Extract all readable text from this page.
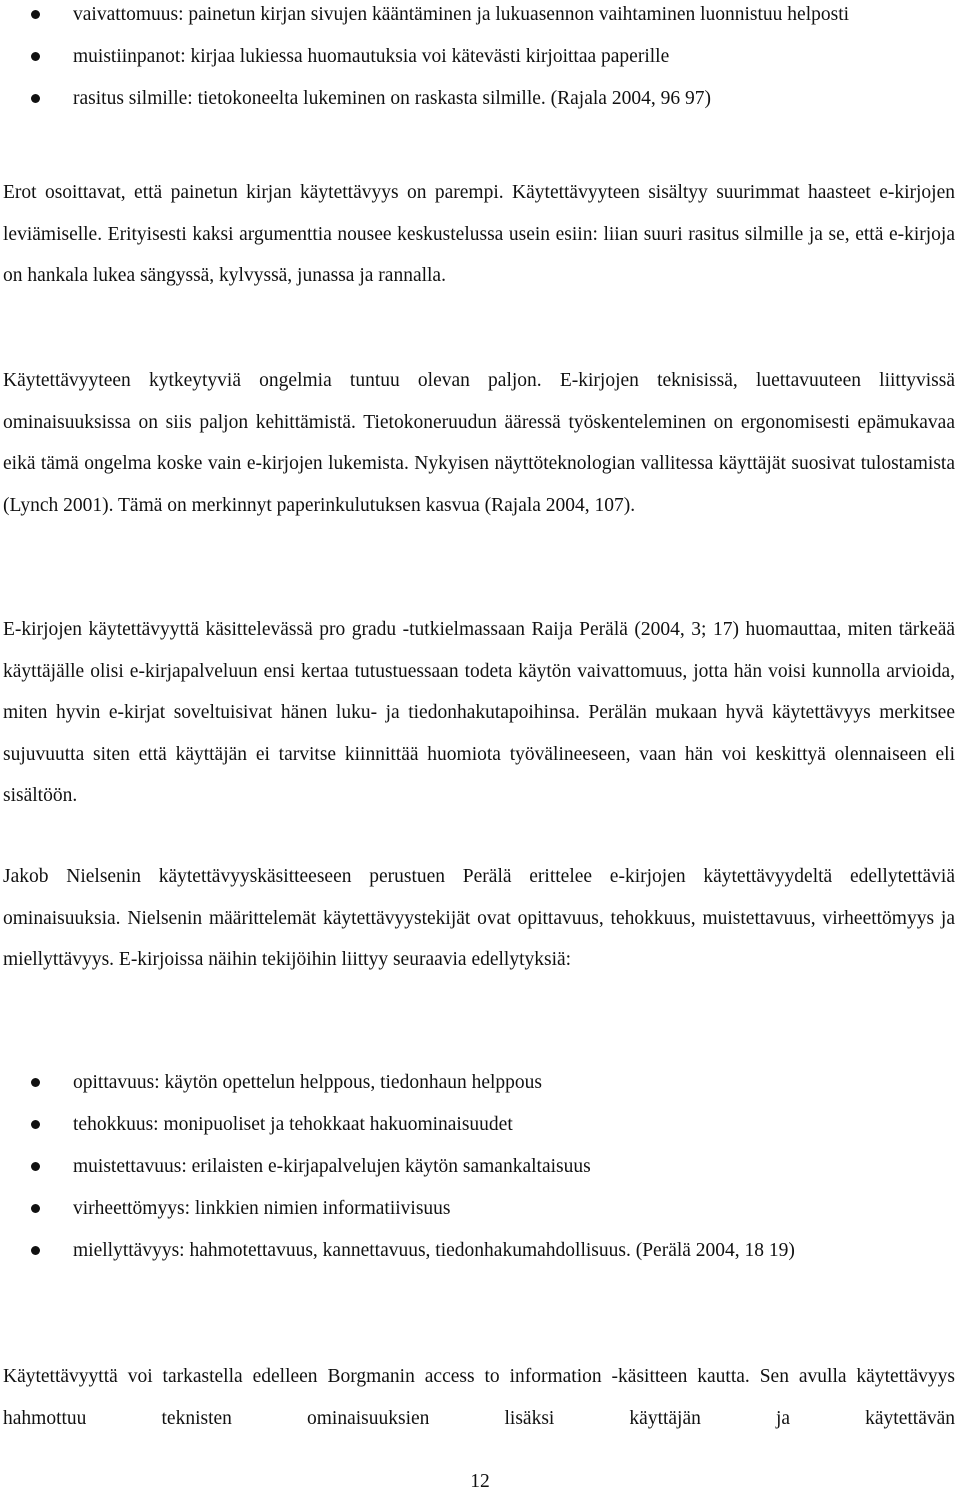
vaivattomuus: painetun kirjan sivujen kääntäminen ja lukuasennon vaihtaminen luonnistuu helposti
muistiinpanot: kirjaa lukiessa huomautuksia voi kätevästi kirjoittaa paperille
rasitus silmille: tietokoneelta lukeminen on raskasta silmille. (Rajala 2004, 96 97)

Erot osoittavat, että painetun kirjan käytettävyys on parempi. Käytettävyyteen sisältyy suurimmat haasteet e-kirjojen leviämiselle. Erityisesti kaksi argumenttia nousee keskustelussa usein esiin: liian suuri rasitus silmille ja se, että e-kirjoja on hankala lukea sängyssä, kylvyssä, junassa ja rannalla.

Käytettävyyteen kytkeytyviä ongelmia tuntuu olevan paljon. E-kirjojen teknisissä, luettavuuteen liittyvissä ominaisuuksissa on siis paljon kehittämistä. Tietokoneruudun ääressä työskenteleminen on ergonomisesti epämukavaa eikä tämä ongelma koske vain e-kirjojen lukemista. Nykyisen näyttöteknologian vallitessa käyttäjät suosivat tulostamista (Lynch 2001). Tämä on merkinnyt paperinkulutuksen kasvua (Rajala 2004, 107).

E-kirjojen käytettävyyttä käsittelevässä pro gradu -tutkielmassaan Raija Perälä (2004, 3; 17) huomauttaa, miten tärkeää käyttäjälle olisi e-kirjapalveluun ensi kertaa tutustuessaan todeta käytön vaivattomuus, jotta hän voisi kunnolla arvioida, miten hyvin e-kirjat soveltuisivat hänen luku- ja tiedonhakutapoihinsa. Perälän mukaan hyvä käytettävyys merkitsee sujuvuutta siten että käyttäjän ei tarvitse kiinnittää huomiota työvälineeseen, vaan hän voi keskittyä olennaiseen eli sisältöön.

Jakob Nielsenin käytettävyyskäsitteeseen perustuen Perälä erittelee e-kirjojen käytettävyydeltä edellytettäviä ominaisuuksia. Nielsenin määrittelemät käytettävyystekijät ovat opittavuus, tehokkuus, muistettavuus, virheettömyys ja miellyttävyys. E-kirjoissa näihin tekijöihin liittyy seuraavia edellytyksiä:

opittavuus: käytön opettelun helppous, tiedonhaun helppous
tehokkuus: monipuoliset ja tehokkaat hakuominaisuudet
muistettavuus: erilaisten e-kirjapalvelujen käytön samankaltaisuus
virheettömyys: linkkien nimien informatiivisuus
miellyttävyys: hahmotettavuus, kannettavuus, tiedonhakumahdollisuus. (Perälä 2004, 18 19)

Käytettävyyttä voi tarkastella edelleen Borgmanin access to information -käsitteen kautta. Sen avulla käytettävyys hahmottuu teknisten ominaisuuksien lisäksi käyttäjän ja käytettävän

12
